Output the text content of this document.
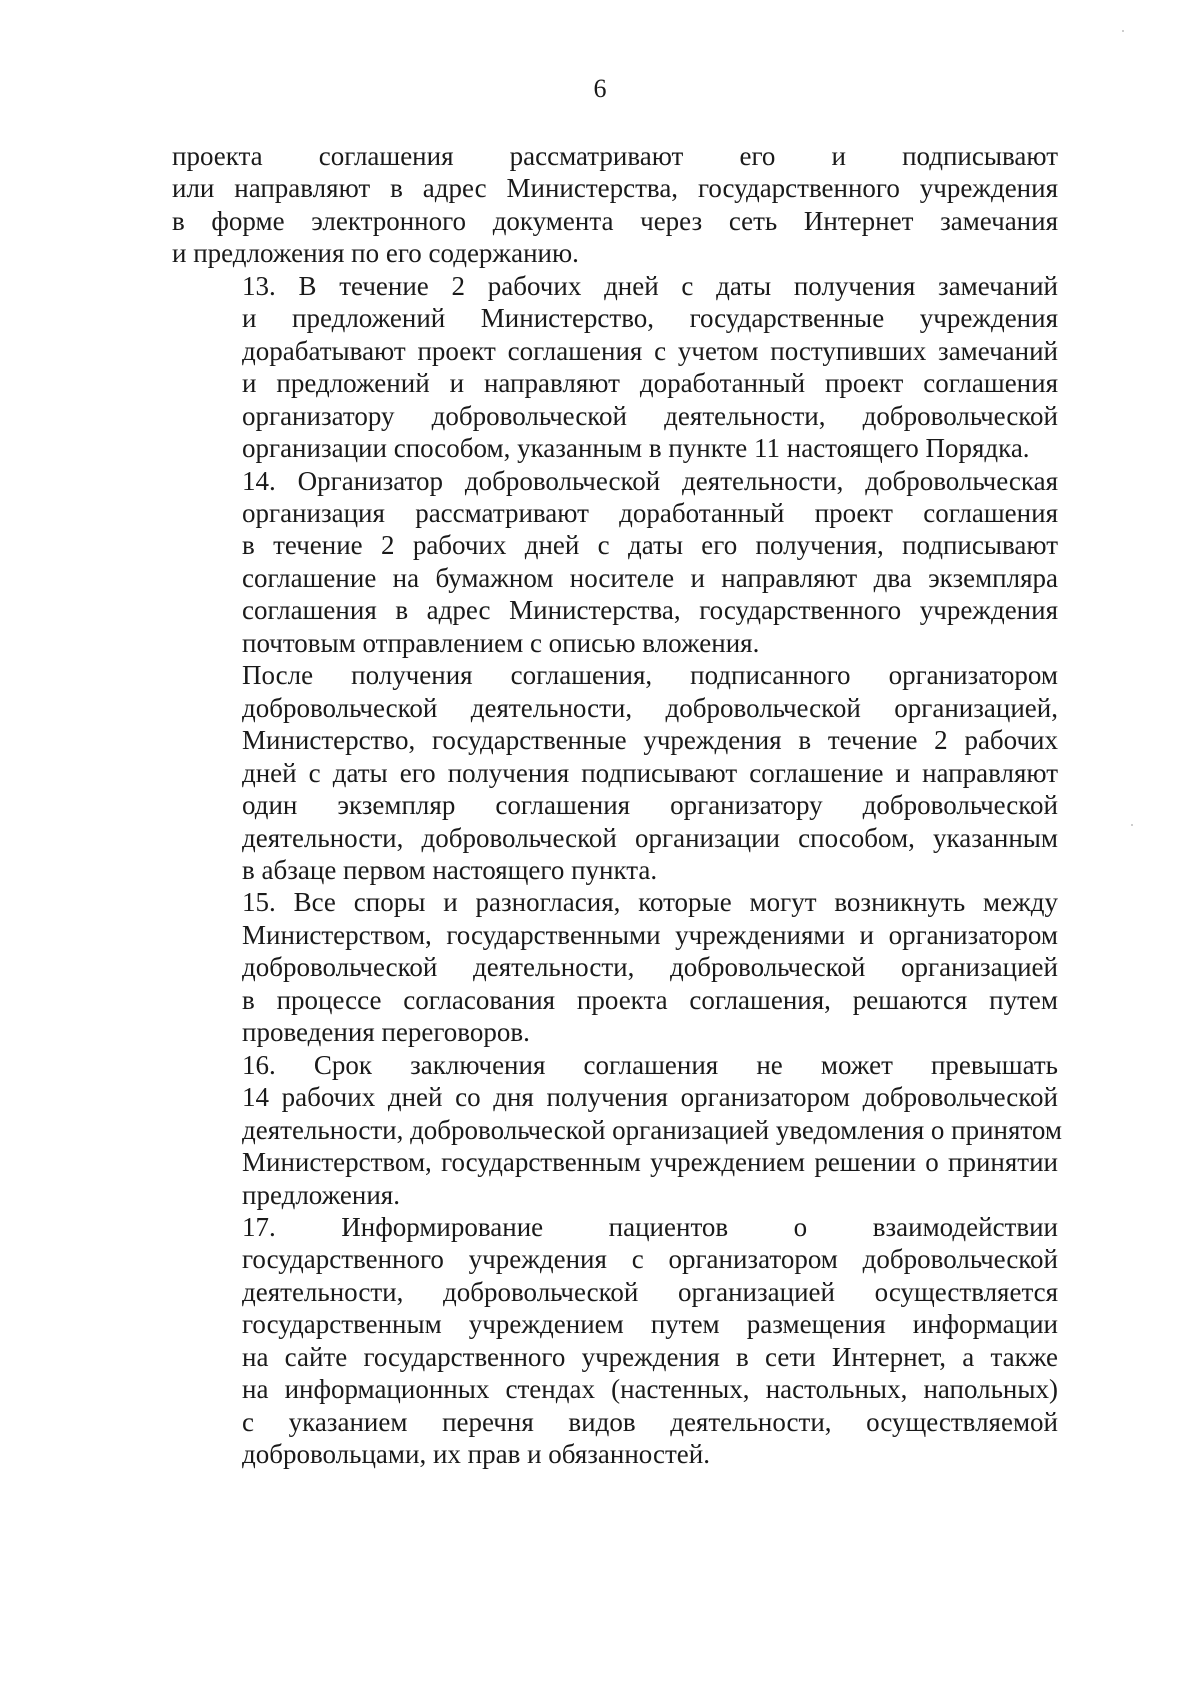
6
проекта соглашения рассматривают его и подписывают
или направляют в адрес Министерства, государственного учреждения
в форме электронного документа через сеть Интернет замечания
и предложения по его содержанию.
13. В течение 2 рабочих дней с даты получения замечаний
и предложений Министерство, государственные учреждения
дорабатывают проект соглашения с учетом поступивших замечаний
и предложений и направляют доработанный проект соглашения
организатору добровольческой деятельности, добровольческой
организации способом, указанным в пункте 11 настоящего Порядка.
14. Организатор добровольческой деятельности, добровольческая
организация рассматривают доработанный проект соглашения
в течение 2 рабочих дней с даты его получения, подписывают
соглашение на бумажном носителе и направляют два экземпляра
соглашения в адрес Министерства, государственного учреждения
почтовым отправлением с описью вложения.
После получения соглашения, подписанного организатором
добровольческой деятельности, добровольческой организацией,
Министерство, государственные учреждения в течение 2 рабочих
дней с даты его получения подписывают соглашение и направляют
один экземпляр соглашения организатору добровольческой
деятельности, добровольческой организации способом, указанным
в абзаце первом настоящего пункта.
15. Все споры и разногласия, которые могут возникнуть между
Министерством, государственными учреждениями и организатором
добровольческой деятельности, добровольческой организацией
в процессе согласования проекта соглашения, решаются путем
проведения переговоров.
16. Срок заключения соглашения не может превышать
14 рабочих дней со дня получения организатором добровольческой
деятельности, добровольческой организацией уведомления о принятом
Министерством, государственным учреждением решении о принятии
предложения.
17. Информирование пациентов о взаимодействии
государственного учреждения с организатором добровольческой
деятельности, добровольческой организацией осуществляется
государственным учреждением путем размещения информации
на сайте государственного учреждения в сети Интернет, а также
на информационных стендах (настенных, настольных, напольных)
с указанием перечня видов деятельности, осуществляемой
добровольцами, их прав и обязанностей.
